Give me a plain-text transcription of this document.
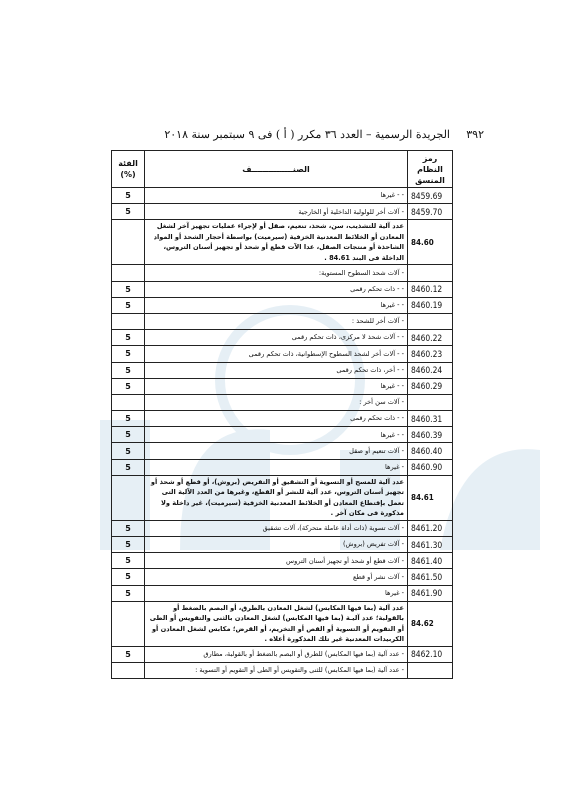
الجريدة الرسمية – العدد ٣٦ مكرر ( أ ) فى ٩ سبتمبر سنة ٢٠١٨ ٣٩٢
رمز النظام المنسق	الصنـــــــــــــــف	الفئة (%)
8459.69	- - غيرها	5
8459.70	- آلات أخر للولولبة الداخلية أو الخارجية	5
84.60	عدد آلية للتشذيب، سن، شحذ، تنعيم، صقل أو لإجراء عمليات تجهيز آخر لشغل المعادن أو الخلائط المعدنية الخزفية (سيرميت) بواسطة أحجار الشحذ أو المواد الشاحذة أو منتجات الصقل، عدا الآت قطع أو شحذ أو تجهيز أسنان التروس، الداخلة فى البند 84.61 .	
	- آلات شحذ السطوح المستوية:	
8460.12	- - ذات تحكم رقمى	5
8460.19	- - غيرها	5
	- آلات أخر للشحذ :	
8460.22	- - آلات شحذ لا مركزى، ذات تحكم رقمى	5
8460.23	- - آلات أخر لشحذ السطوح الإسطوانية، ذات تحكم رقمى	5
8460.24	- - أخر، ذات تحكم رقمى	5
8460.29	- - غيرها	5
	- آلات سن أخر :	
8460.31	- - ذات تحكم رقمى	5
8460.39	- - غيرها	5
8460.40	- آلات تنعيم أو صقل	5
8460.90	- غيرها	5
84.61	عدد آلية للمسح أو التسوية أو التشقيق أو التفريض (بروش)، أو قطع أو شحذ أو تجهيز أسنان التروس، عدد آلية للنشر أو القطع، وغيرها من العدد الآلية التى تعمل بإقتطاع المعادن أو الخلائط المعدنية الخزفية (سيرميت)، غير داخلة ولا مذكورة فى مكان آخر .	
8461.20	- آلات تسوية (ذات أداة عاملة متحركة)، آلات تشقيق	5
8461.30	- آلات تفريض (بروش)	5
8461.40	- آلات قطع أو شحذ أو تجهيز أسنان التروس	5
8461.50	- آلات نشر أو قطع	5
8461.90	- غيرها	5
84.62	عدد آلية (بما فيها المكابس) لشغل المعادن بالطرق، أو البصم بالضغط أو بالقولبة؛ عدد آليـة (بما فيها المكابس) لشغل المعادن بالثنى والتقويس أو الطى أو التقويم أو التسوية أو القص أو التخريم، أو القرض؛ مكابس لشغل المعادن أو الكربيدات المعدنية غير تلك المذكورة أعلاه .	
8462.10	- عدد آلية (بما فيها المكابس) للطرق أو البصم بالضغط أو بالقولبة، مطارق	5
	- عدد آلية (بما فيها المكابس) للثنى والتقويس أو الطى أو التقويم أو التسوية :	
